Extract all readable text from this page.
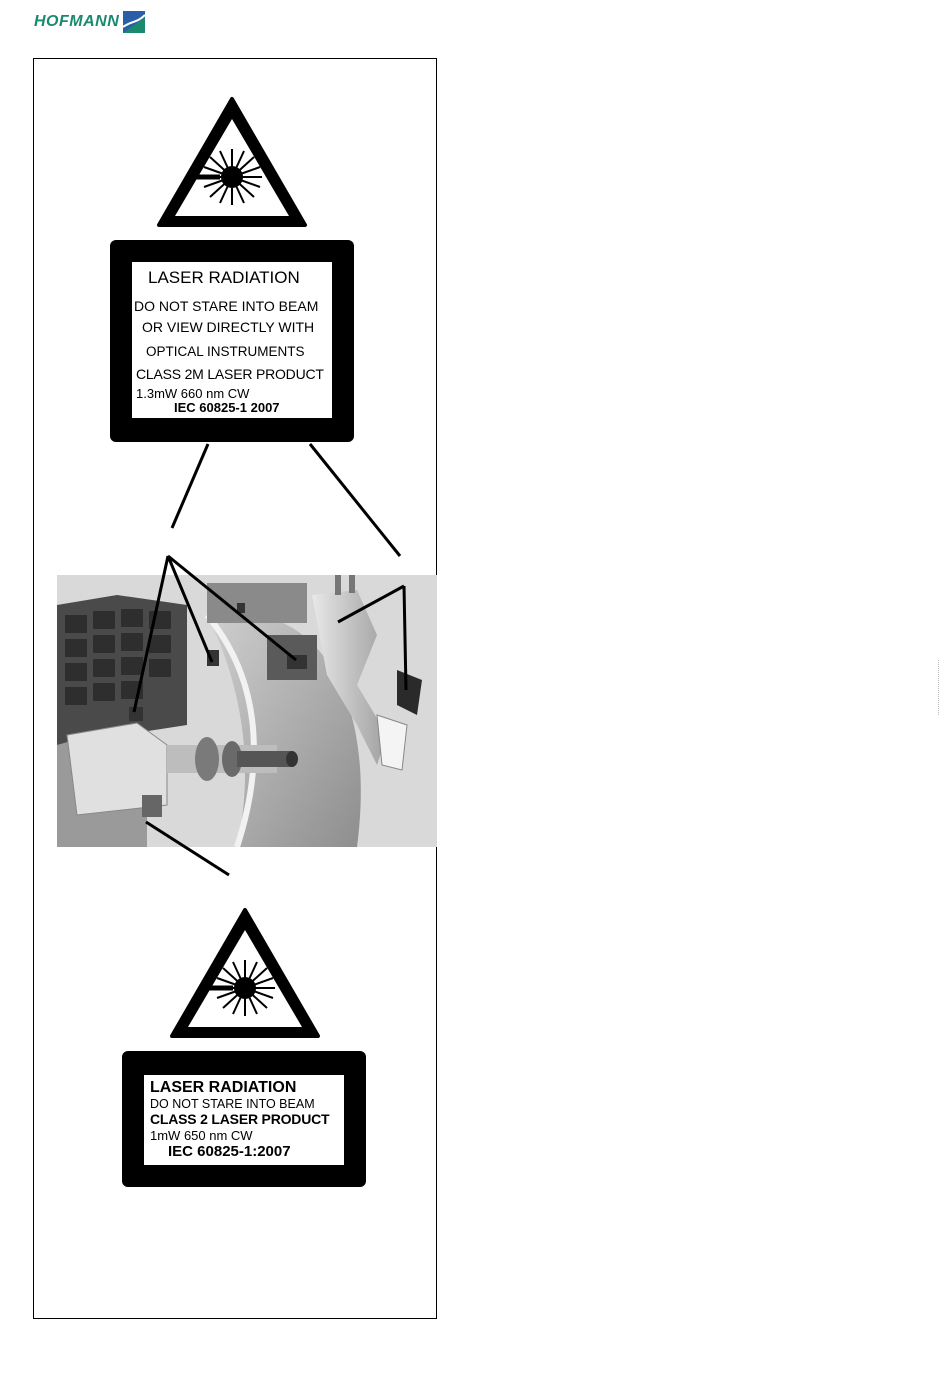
HOFMANN
LASER RADIATION
DO NOT STARE INTO BEAM
OR VIEW DIRECTLY WITH
OPTICAL INSTRUMENTS
CLASS 2M LASER PRODUCT
1.3mW 660 nm CW
IEC 60825-1 2007
LASER RADIATION
DO NOT STARE INTO BEAM
CLASS 2 LASER PRODUCT
1mW 650 nm CW
IEC 60825-1:2007
